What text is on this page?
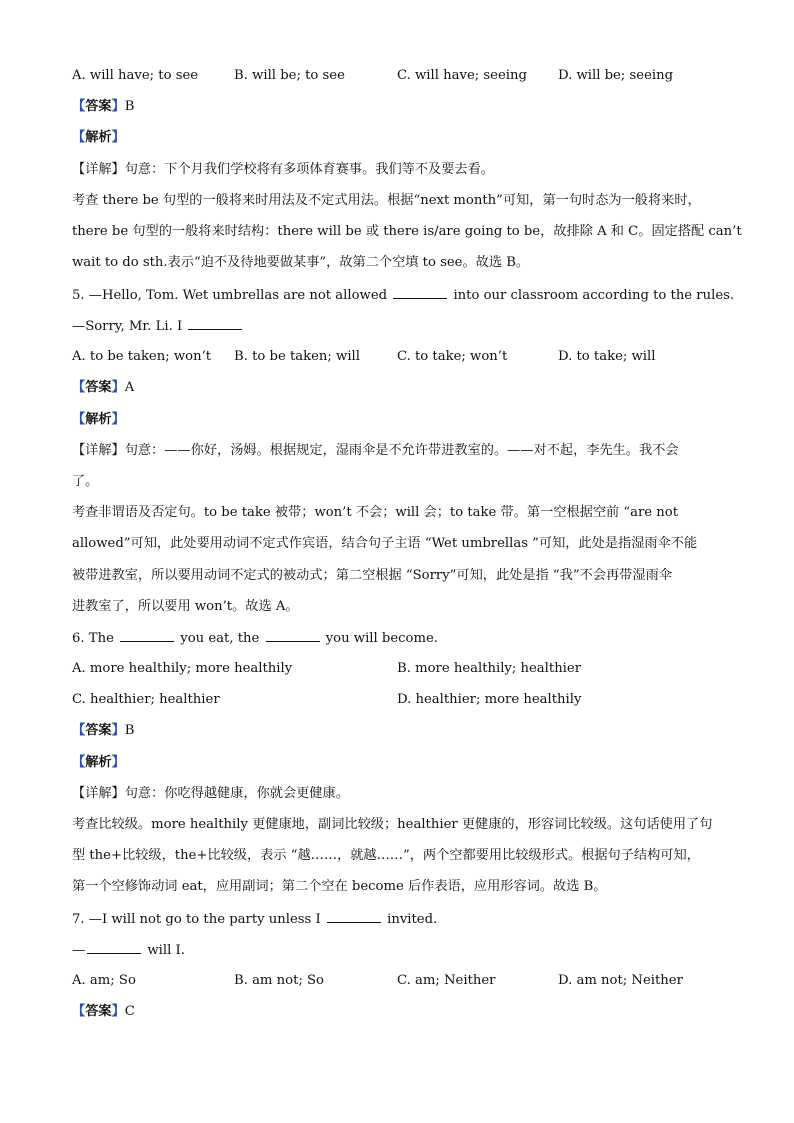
A. will have; to see	B. will be; to see	C. will have; seeing D. will be; seeing
【答案】B
【解析】
【详解】句意：下个月我们学校将有多项体育赛事。我们等不及要去看。
考查 there be 句型的一般将来时用法及不定式用法。根据“next month”可知，第一句时态为一般将来时，
there be 句型的一般将来时结构：there will be 或 there is/are going to be，故排除 A 和 C。固定搭配 can’t
wait to do sth.表示“迫不及待地要做某事”，故第二个空填 to see。故选 B。
5. —Hello, Tom. Wet umbrellas are not allowed	into our classroom according to the rules.
—Sorry, Mr. Li. I
A. to be taken; won’t B. to be taken; will	C. to take; won’t	D. to take; will
【答案】A
【解析】
【详解】句意：——你好，汤姆。根据规定，湿雨伞是不允许带进教室的。——对不起，李先生。我不会
了。
考查非谓语及否定句。to be take 被带；won’t 不会；will 会；to take 带。第一空根据空前 “are not
allowed”可知，此处要用动词不定式作宾语，结合句子主语 “Wet umbrellas ”可知，此处是指湿雨伞不能
被带进教室，所以要用动词不定式的被动式；第二空根据 “Sorry”可知，此处是指 “我”不会再带湿雨伞
进教室了，所以要用 won’t。故选 A。
6. The	you eat, the	you will become.
A. more healthily; more healthily	B. more healthily; healthier
C. healthier; healthier	D. healthier; more healthily
【答案】B
【解析】
【详解】句意：你吃得越健康，你就会更健康。
考查比较级。more healthily 更健康地，副词比较级；healthier 更健康的，形容词比较级。这句话使用了句
型 the+比较级，the+比较级，表示 “越……，就越……”，两个空都要用比较级形式。根据句子结构可知，
第一个空修饰动词 eat，应用副词；第二个空在 become 后作表语，应用形容词。故选 B。
7. —I will not go to the party unless I	invited.
—	will I.
A. am; So	B. am not; So	C. am; Neither	D. am not; Neither
【答案】C
